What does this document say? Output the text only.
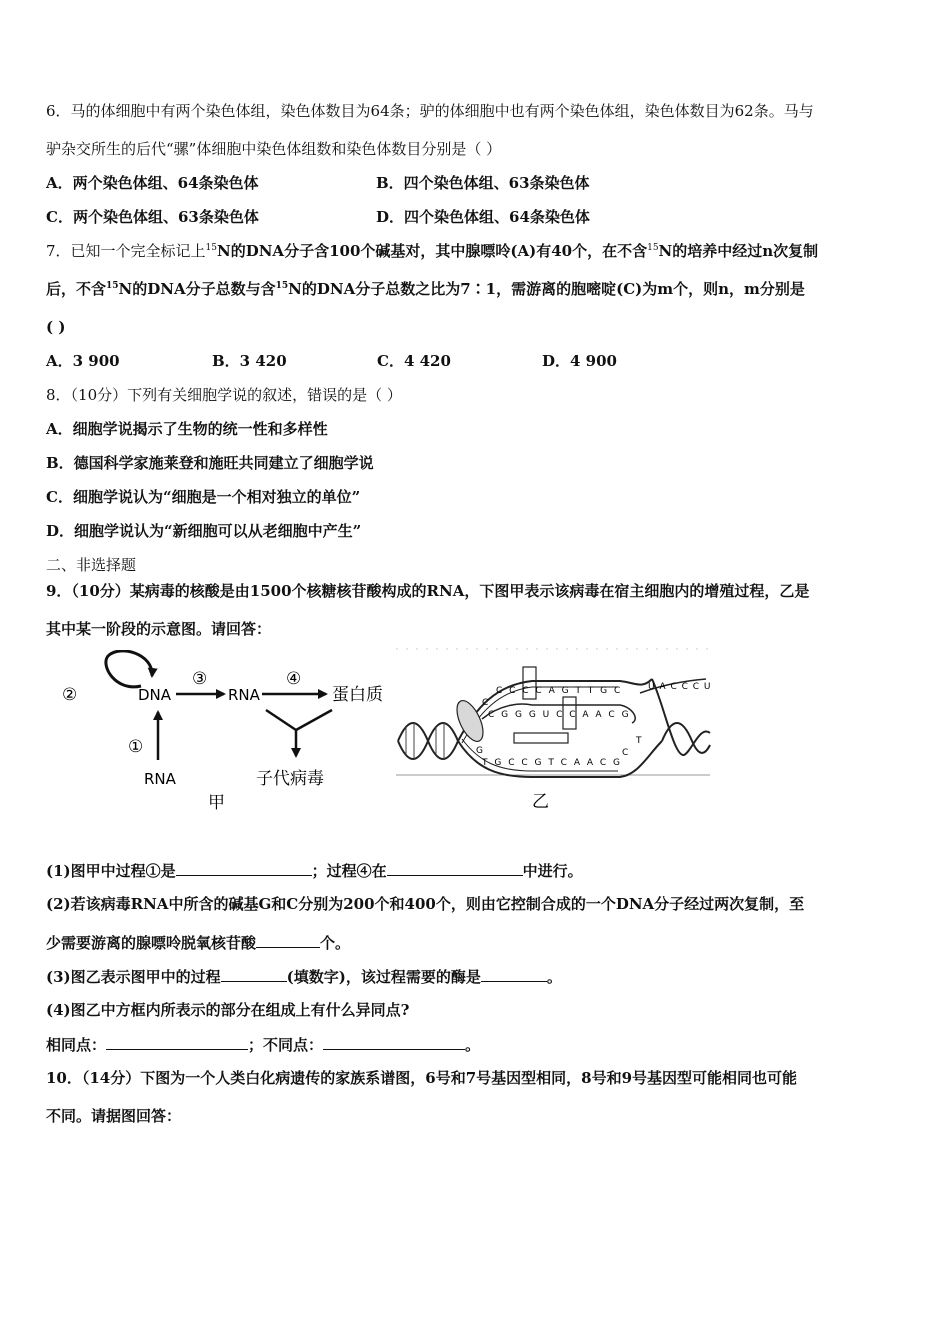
6．马的体细胞中有两个染色体组，染色体数目为64条；驴的体细胞中也有两个染色体组，染色体数目为62条。马与
驴杂交所生的后代“骡”体细胞中染色体组数和染色体数目分别是（ ）
A．两个染色体组、64条染色体	B．四个染色体组、63条染色体
C．两个染色体组、63条染色体	D．四个染色体组、64条染色体
7．已知一个完全标记上$^{15}$N的DNA分子含100个碱基对，其中腺嘌呤(A)有40个，在不含$^{15}$N的培养中经过n次复制
后，不含$^{15}$N的DNA分子总数与含$^{15}$N的DNA分子总数之比为7∶1，需游离的胞嘧啶(C)为m个，则n，m分别是
( )
A．3 900	B．3 420	C．4 420	D．4 900
8．（10分）下列有关细胞学说的叙述，错误的是（ ）
A．细胞学说揭示了生物的统一性和多样性
B．德国科学家施莱登和施旺共同建立了细胞学说
C．细胞学说认为“细胞是一个相对独立的单位”
D．细胞学说认为“新细胞可以从老细胞中产生”
二、非选择题
9．（10分）某病毒的核酸是由1500个核糖核苷酸构成的RNA，下图甲表示该病毒在宿主细胞内的增殖过程，乙是
其中某一阶段的示意图。请回答：
②	DNA
③
RNA
④
蛋白质
①
RNA	子代病毒
甲
C C C C A G T T G C	U A C C C U
C G G G U C C A A C G
T G C C G T C A A C G
C
T
G	C
乙
(1)图甲中过程①是	；过程④在	中进行。
(2)若该病毒RNA中所含的碱基G和C分别为200个和400个，则由它控制合成的一个DNA分子经过两次复制，至
少需要游离的腺嘌呤脱氧核苷酸	个。
(3)图乙表示图甲中的过程	(填数字)，该过程需要的酶是	。
(4)图乙中方框内所表示的部分在组成上有什么异同点?
相同点：	；不同点：	。
10．（14分）下图为一个人类白化病遗传的家族系谱图，6号和7号基因型相同，8号和9号基因型可能相同也可能
不同。请据图回答：
